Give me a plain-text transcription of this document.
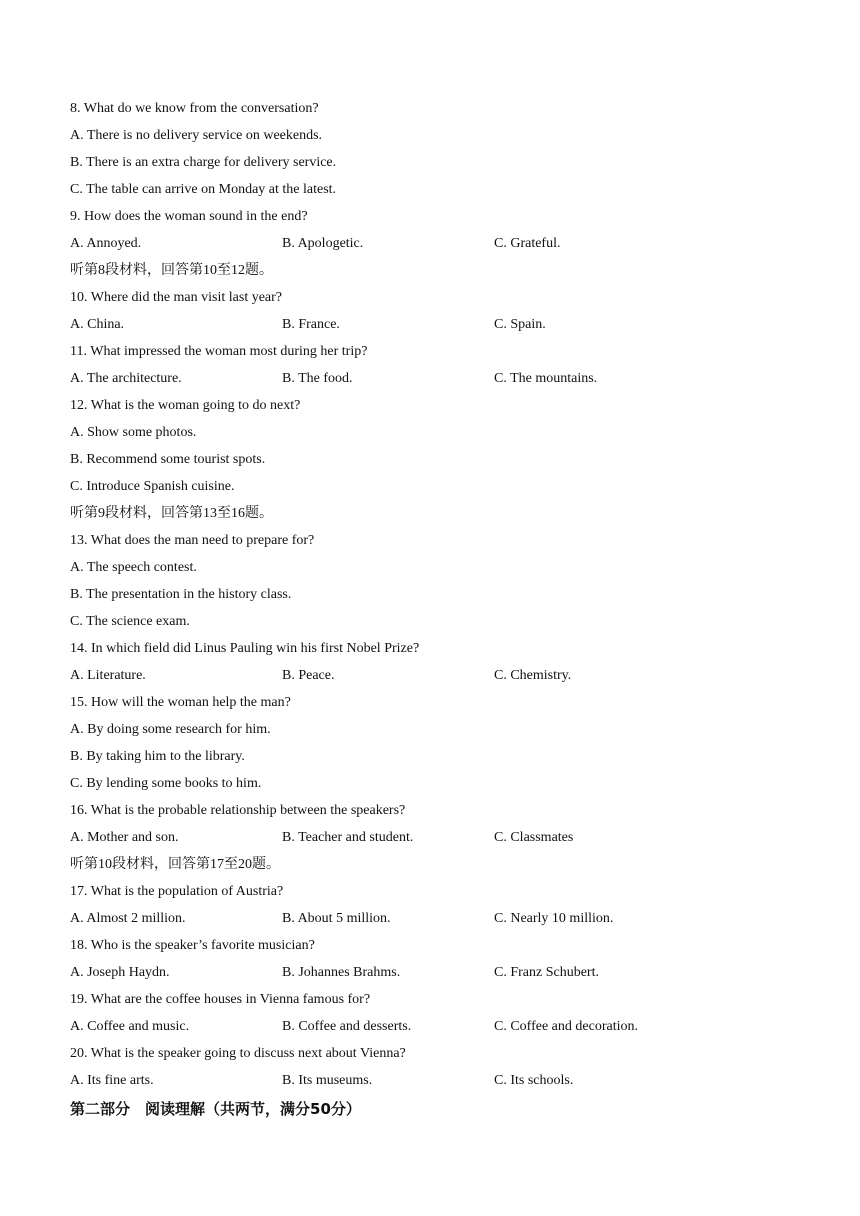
8. What do we know from the conversation?
A. There is no delivery service on weekends.
B. There is an extra charge for delivery service.
C. The table can arrive on Monday at the latest.
9. How does the woman sound in the end?
A. Annoyed.	B. Apologetic.	C. Grateful.
听第8段材料，回答第10至12题。
10. Where did the man visit last year?
A. China.	B. France.	C. Spain.
11. What impressed the woman most during her trip?
A. The architecture.	B. The food.	C. The mountains.
12. What is the woman going to do next?
A. Show some photos.
B. Recommend some tourist spots.
C. Introduce Spanish cuisine.
听第9段材料，回答第13至16题。
13. What does the man need to prepare for?
A. The speech contest.
B. The presentation in the history class.
C. The science exam.
14. In which field did Linus Pauling win his first Nobel Prize?
A. Literature.	B. Peace.	C. Chemistry.
15. How will the woman help the man?
A. By doing some research for him.
B. By taking him to the library.
C. By lending some books to him.
16. What is the probable relationship between the speakers?
A. Mother and son.	B. Teacher and student.	C. Classmates
听第10段材料，回答第17至20题。
17. What is the population of Austria?
A. Almost 2 million.	B. About 5 million.	C. Nearly 10 million.
18. Who is the speaker’s favorite musician?
A. Joseph Haydn.	B. Johannes Brahms.	C. Franz Schubert.
19. What are the coffee houses in Vienna famous for?
A. Coffee and music.	B. Coffee and desserts.	C. Coffee and decoration.
20. What is the speaker going to discuss next about Vienna?
A. Its fine arts.	B. Its museums.	C. Its schools.
第二部分　阅读理解（共两节，满分50分）
